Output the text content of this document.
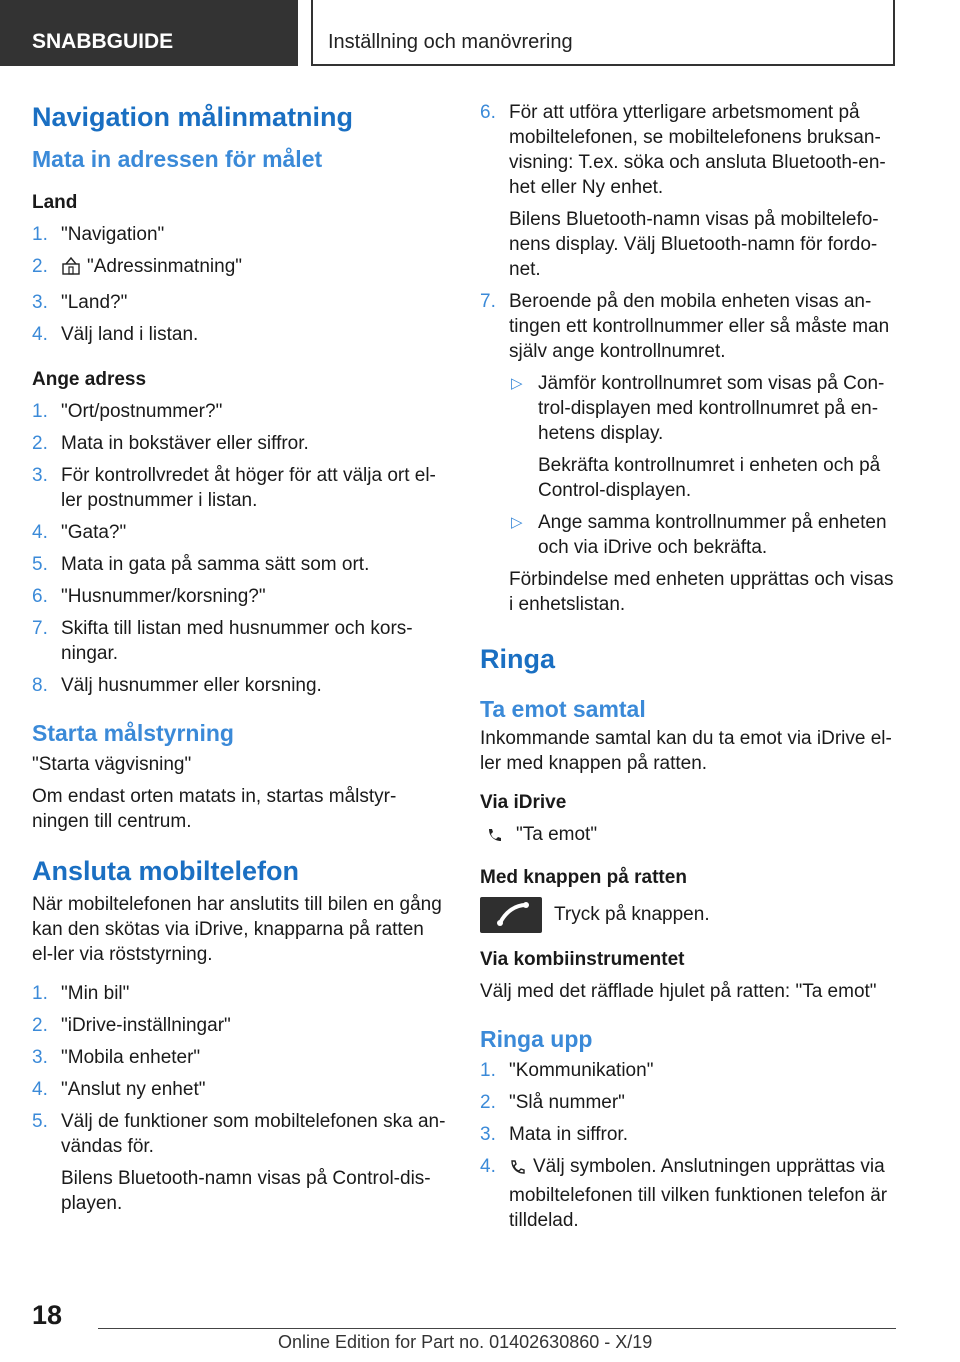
SNABBGUIDE	Inställning och manövrering
Navigation målinmatning
Mata in adressen för målet
Land
1. "Navigation"
2. "Adressinmatning"
3. "Land?"
4. Välj land i listan.
Ange adress
1. "Ort/postnummer?"
2. Mata in bokstäver eller siffror.
3. För kontrollvredet åt höger för att välja ort el-ler postnummer i listan.
4. "Gata?"
5. Mata in gata på samma sätt som ort.
6. "Husnummer/korsning?"
7. Skifta till listan med husnummer och kors-ningar.
8. Välj husnummer eller korsning.
Starta målstyrning
"Starta vägvisning"
Om endast orten matats in, startas målstyr-ningen till centrum.
Ansluta mobiltelefon
När mobiltelefonen har anslutits till bilen en gång kan den skötas via iDrive, knapparna på ratten el-ler via röststyrning.
1. "Min bil"
2. "iDrive-inställningar"
3. "Mobila enheter"
4. "Anslut ny enhet"
5. Välj de funktioner som mobiltelefonen ska an-vändas för.
Bilens Bluetooth-namn visas på Control-dis-playen.
6. För att utföra ytterligare arbetsmoment på mobiltelefonen, se mobiltelefonens bruksan-visning: T.ex. söka och ansluta Bluetooth-en-het eller Ny enhet.
Bilens Bluetooth-namn visas på mobiltelefo-nens display. Välj Bluetooth-namn för fordo-net.
7. Beroende på den mobila enheten visas an-tingen ett kontrollnummer eller så måste man själv ange kontrollnumret.
▷ Jämför kontrollnumret som visas på Con-trol-displayen med kontrollnumret på en-hetens display.
Bekräfta kontrollnumret i enheten och på Control-displayen.
▷ Ange samma kontrollnummer på enheten och via iDrive och bekräfta.
Förbindelse med enheten upprättas och visas i enhetslistan.
Ringa
Ta emot samtal
Inkommande samtal kan du ta emot via iDrive el-ler med knappen på ratten.
Via iDrive
"Ta emot"
Med knappen på ratten
Tryck på knappen.
Via kombiinstrumentet
Välj med det räfflade hjulet på ratten: "Ta emot"
Ringa upp
1. "Kommunikation"
2. "Slå nummer"
3. Mata in siffror.
4. Välj symbolen. Anslutningen upprättas via mobiltelefonen till vilken funktionen telefon är tilldelad.
18
Online Edition for Part no. 01402630860 - X/19
